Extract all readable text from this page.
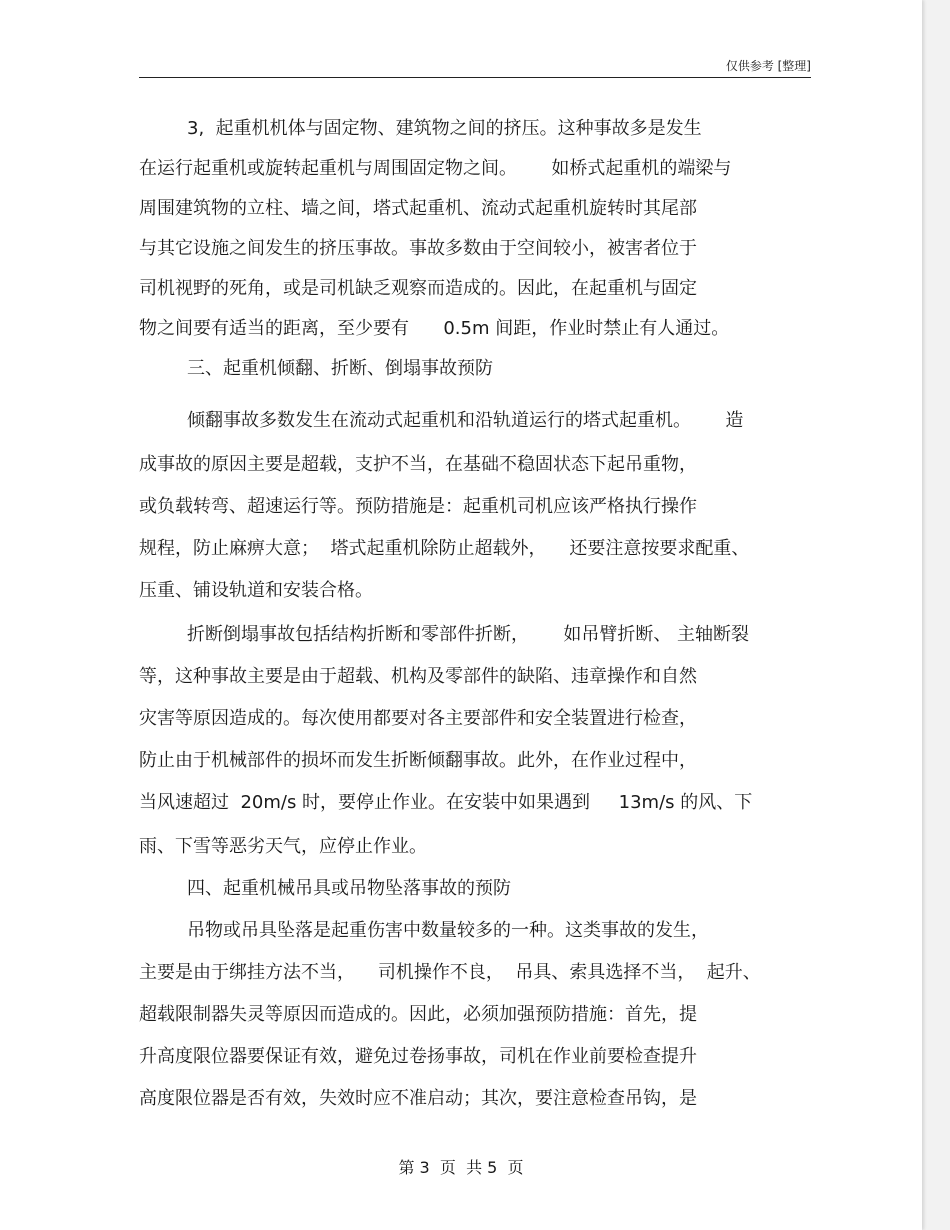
仅供参考 [整理]
3,  起重机机体与固定物、建筑物之间的挤压。这种事故多是发生
在运行起重机或旋转起重机与周围固定物之间。      如桥式起重机的端梁与
周围建筑物的立柱、墙之间，塔式起重机、流动式起重机旋转时其尾部
与其它设施之间发生的挤压事故。事故多数由于空间较小，被害者位于
司机视野的死角，或是司机缺乏观察而造成的。因此，在起重机与固定
物之间要有适当的距离，至少要有      0.5m 间距，作业时禁止有人通过。
三、起重机倾翻、折断、倒塌事故预防
倾翻事故多数发生在流动式起重机和沿轨道运行的塔式起重机。      造
成事故的原因主要是超载，支护不当，在基础不稳固状态下起吊重物，
或负载转弯、超速运行等。预防措施是：起重机司机应该严格执行操作
规程，防止麻痹大意；  塔式起重机除防止超载外，    还要注意按要求配重、
压重、铺设轨道和安装合格。
折断倒塌事故包括结构折断和零部件折断，      如吊臂折断、 主轴断裂
等，这种事故主要是由于超载、机构及零部件的缺陷、违章操作和自然
灾害等原因造成的。每次使用都要对各主要部件和安全装置进行检查，
防止由于机械部件的损坏而发生折断倾翻事故。此外，在作业过程中，
当风速超过  20m/s 时，要停止作业。在安装中如果遇到     13m/s 的风、下
雨、下雪等恶劣天气，应停止作业。
四、起重机械吊具或吊物坠落事故的预防
吊物或吊具坠落是起重伤害中数量较多的一种。这类事故的发生，
主要是由于绑挂方法不当，    司机操作不良，  吊具、索具选择不当，  起升、
超载限制器失灵等原因而造成的。因此，必须加强预防措施：首先，提
升高度限位器要保证有效，避免过卷扬事故，司机在作业前要检查提升
高度限位器是否有效，失效时应不准启动；其次，要注意检查吊钩，是
第 3  页  共 5  页
